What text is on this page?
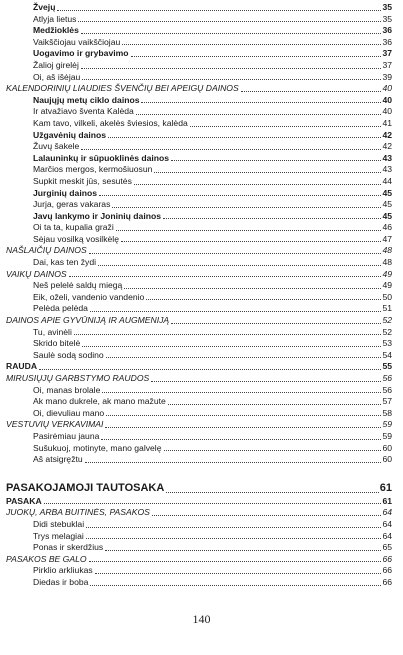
Žvejų	35
Atlyja lietus	35
Medžioklės	36
Vaikščiojau vaikščiojau	36
Uogavimo ir grybavimo	37
Žalioj girelėj	37
Oi, aš išėjau	39
KALENDORINIŲ LIAUDIES ŠVENČIŲ BEI APEIGŲ DAINOS	40
Naujųjų metų ciklo dainos	40
Ir atvažiavo šventa Kalėda	40
Kam tavo, vilkeli, akelės šviesios, kalėda	41
Užgavėnių dainos	42
Žuvų šakele	42
Lalauninkų ir sūpuoklinės dainos	43
Marčios mergos, kermošiuosun	43
Supkit meskit jūs, sesutės	44
Jurginių dainos	45
Jurja, geras vakaras	45
Javų lankymo ir Joninių dainos	45
Oi ta ta, kupalia graži	46
Sėjau vosilką vosilkėlę	47
NAŠLAIČIŲ DAINOS	48
Dai, kas ten žydi	48
VAIKŲ DAINOS	49
Neš pelelė saldų miegą	49
Eik, oželi, vandenio vandenio	50
Pelėda pelėda	51
DAINOS APIE GYVŪNIJĄ IR AUGMENIJĄ	52
Tu, avinėli	52
Skrido bitelė	53
Saulė sodą sodino	54
RAUDA	55
MIRUSIŲJŲ GARBSTYMO RAUDOS	56
Oi, manas brolale	56
Ak mano dukrele, ak mano mažute	57
Oi, dievuliau mano	58
VESTUVIŲ VERKAVIMAI	59
Pasirėmiau jauna	59
Sušukuoj, motinyte, mano galvelę	60
Aš atsigręžtu	60
PASAKOJAMOJI TAUTOSAKA	61
PASAKA	61
JUOKŲ, ARBA BUITINĖS, PASAKOS	64
Didi stebuklai	64
Trys melagiai	64
Ponas ir skerdžius	65
PASAKOS BE GALO	66
Pirklio arkliukas	66
Diedas ir boba	66
140
